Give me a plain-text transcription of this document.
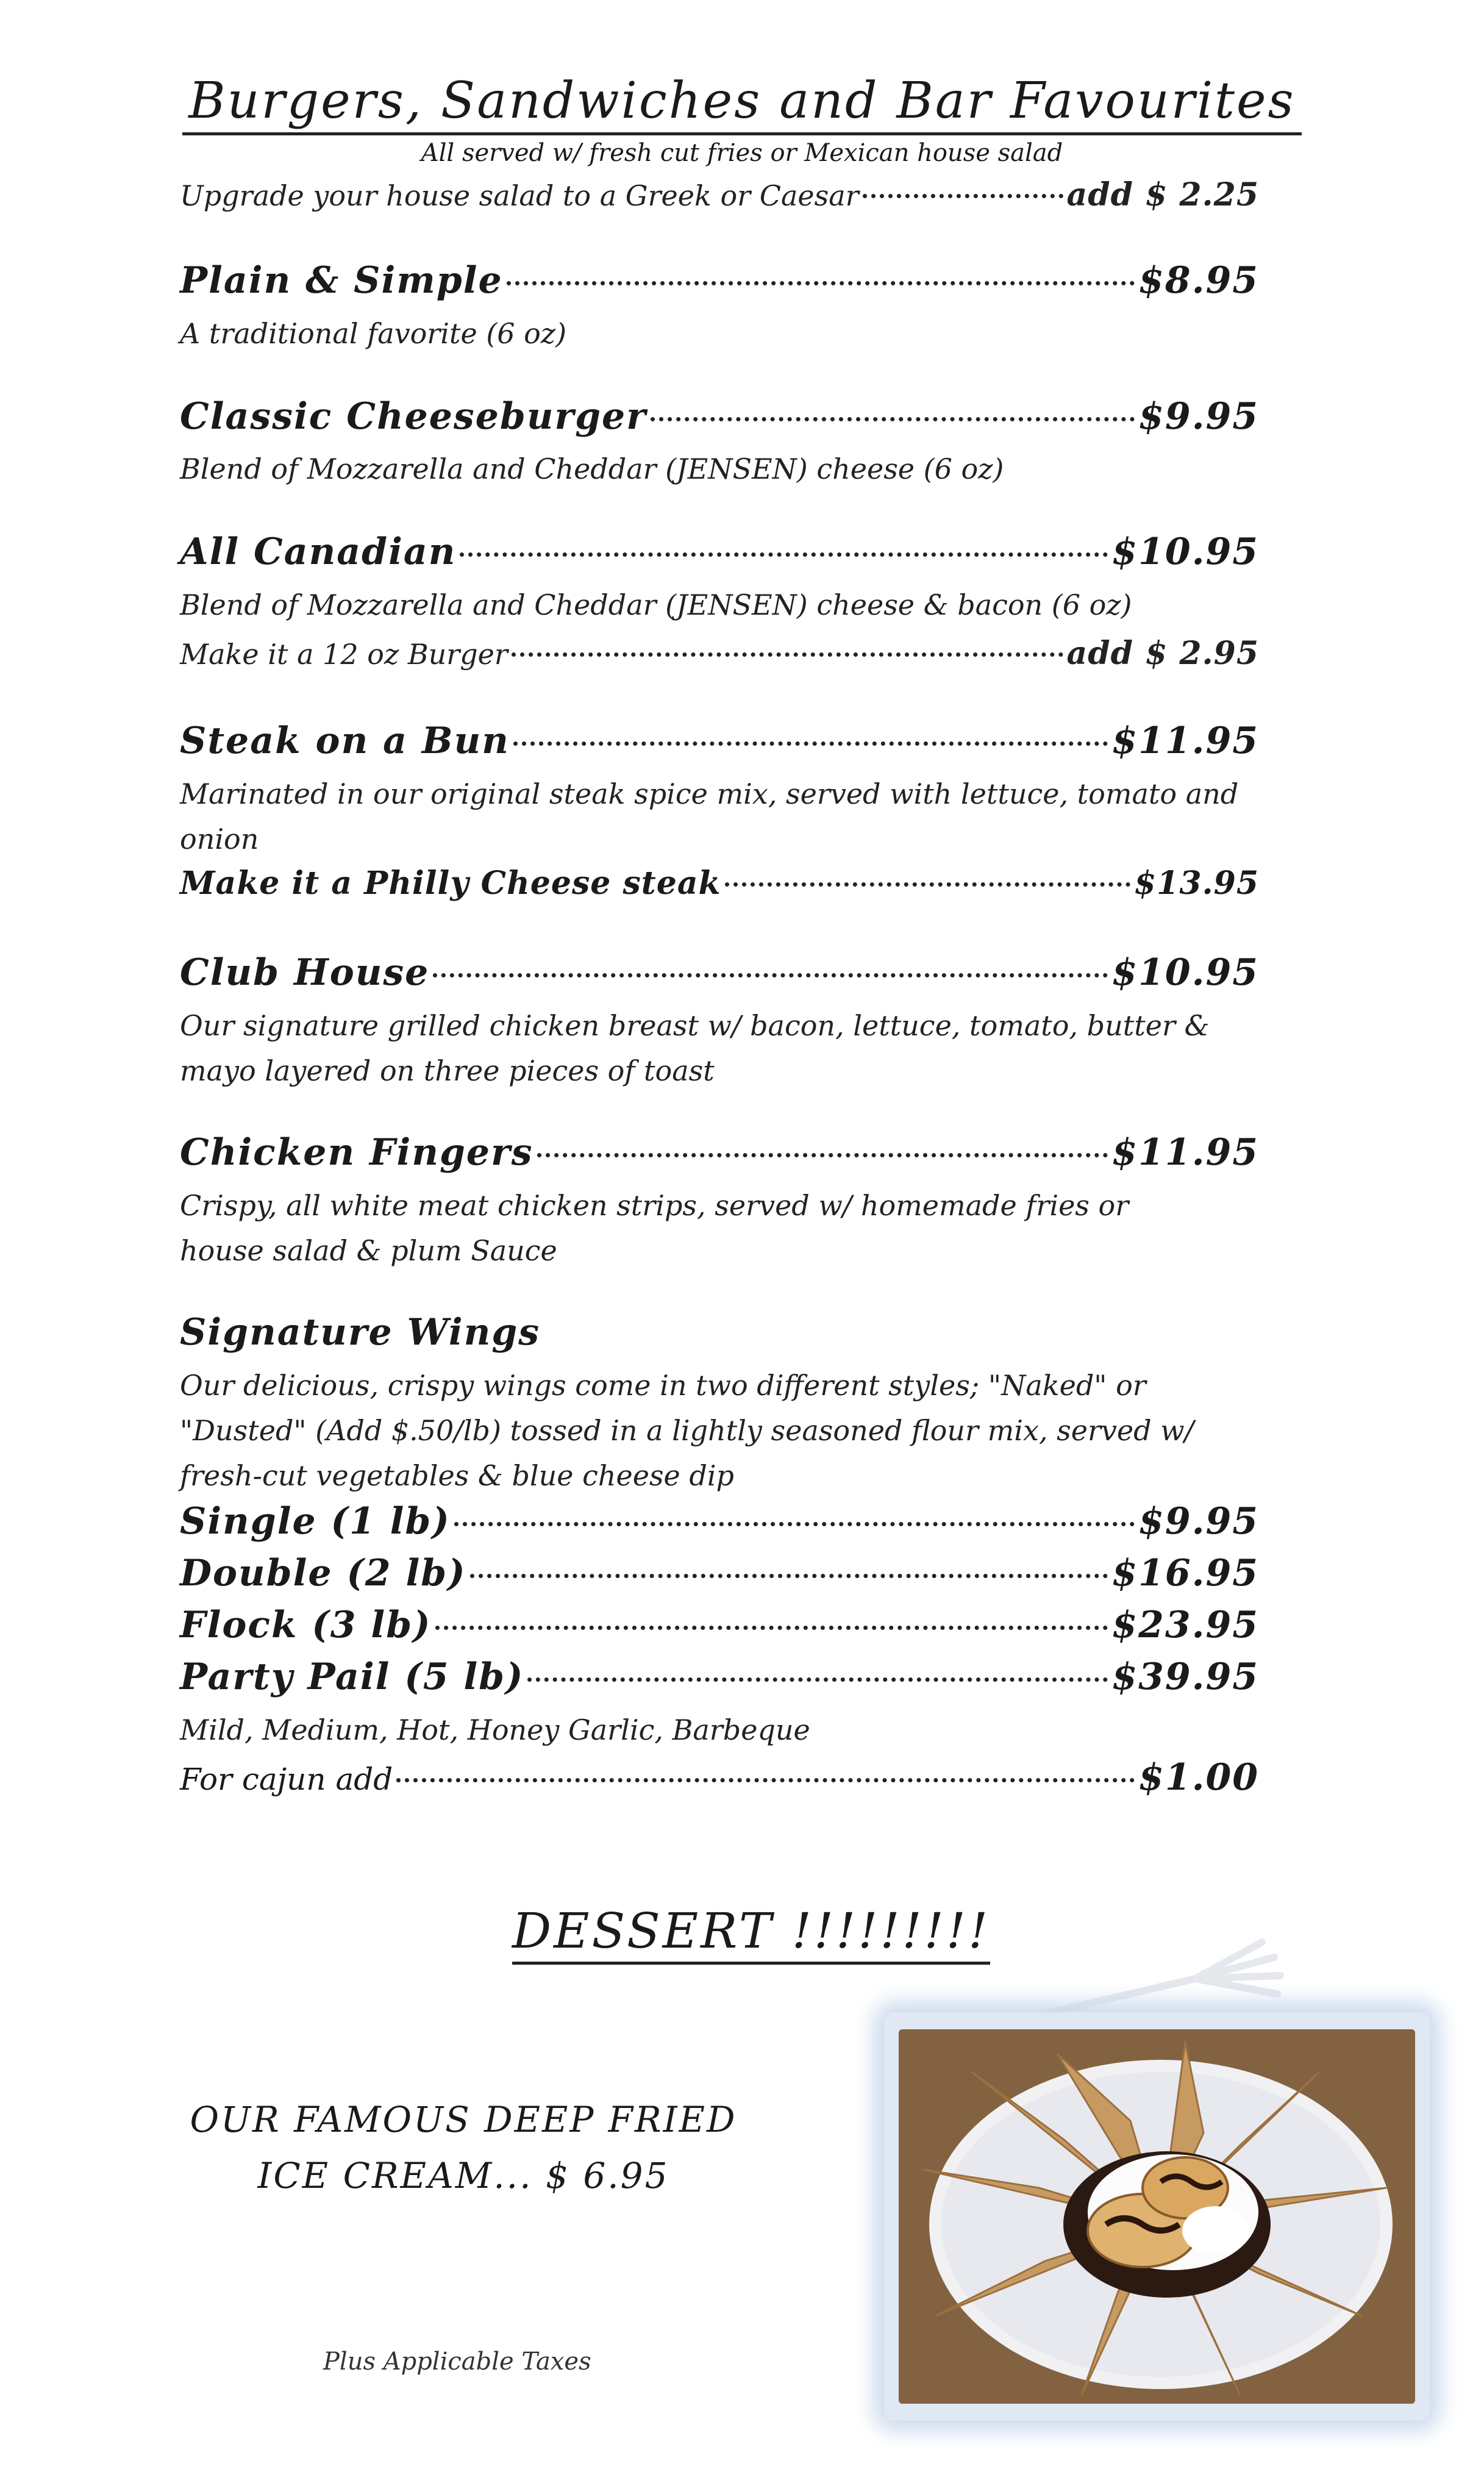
Burgers, Sandwiches and Bar Favourites
All served w/ fresh cut fries or Mexican house salad
Upgrade your house salad to a Greek or Caesar	add $ 2.25
Plain & Simple	$8.95
A traditional favorite (6 oz)
Classic Cheeseburger	$9.95
Blend of Mozzarella and Cheddar (JENSEN) cheese (6 oz)
All Canadian	$10.95
Blend of Mozzarella and Cheddar (JENSEN) cheese & bacon (6 oz)
Make it a 12 oz Burger	add $ 2.95
Steak on a Bun	$11.95
Marinated in our original steak spice mix, served with lettuce, tomato and onion
Make it a Philly Cheese steak	$13.95
Club House	$10.95
Our signature grilled chicken breast w/ bacon, lettuce, tomato, butter & mayo layered on three pieces of toast
Chicken Fingers	$11.95
Crispy, all white meat chicken strips, served w/ homemade fries or house salad & plum Sauce
Signature Wings
Our delicious, crispy wings come in two different styles; "Naked" or "Dusted" (Add $.50/lb) tossed in a lightly seasoned flour mix, served w/ fresh-cut vegetables & blue cheese dip
Single (1 lb)	$9.95
Double (2 lb)	$16.95
Flock (3 lb)	$23.95
Party Pail (5 lb)	$39.95
Mild, Medium, Hot, Honey Garlic, Barbeque
For cajun add	$1.00
DESSERT !!!!!!!!!
OUR FAMOUS DEEP FRIED
ICE CREAM... $ 6.95
Plus Applicable Taxes
